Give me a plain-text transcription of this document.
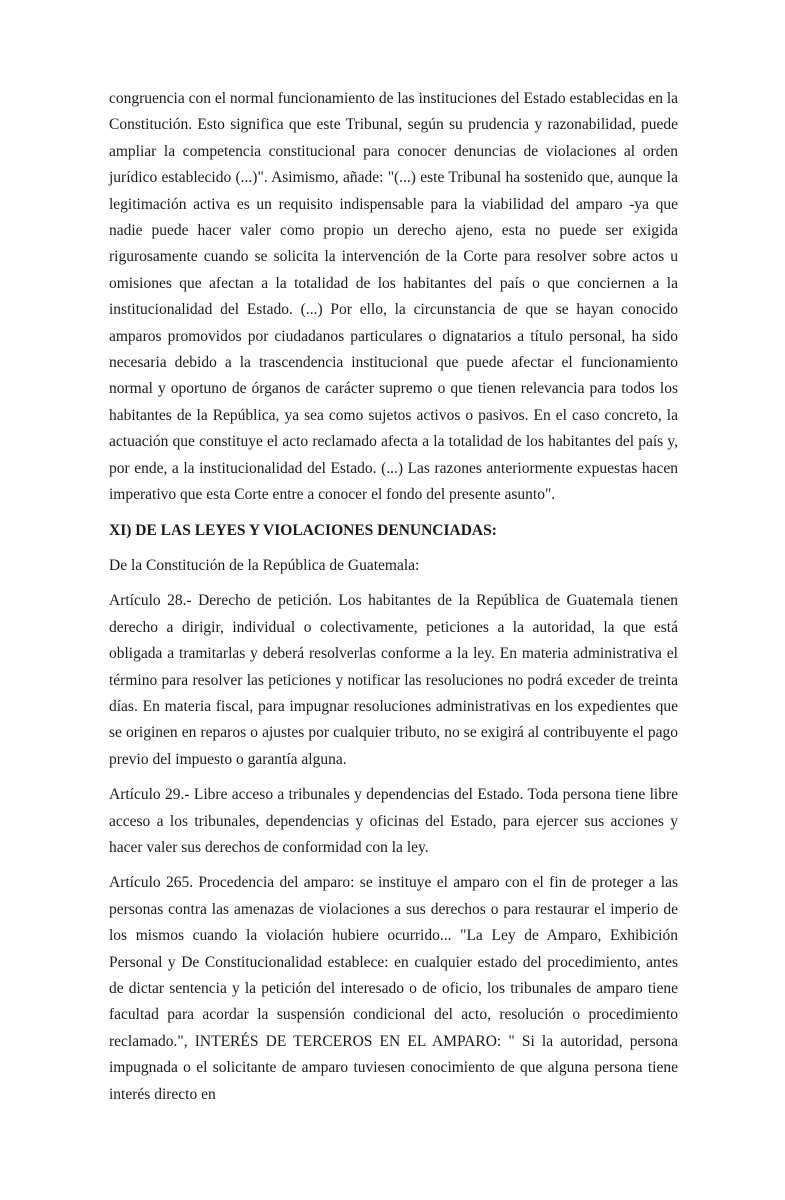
congruencia con el normal funcionamiento de las instituciones del Estado establecidas en la Constitución. Esto significa que este Tribunal, según su prudencia y razonabilidad, puede ampliar la competencia constitucional para conocer denuncias de violaciones al orden jurídico establecido (...)". Asimismo, añade: "(...) este Tribunal ha sostenido que, aunque la legitimación activa es un requisito indispensable para la viabilidad del amparo -ya que nadie puede hacer valer como propio un derecho ajeno, esta no puede ser exigida rigurosamente cuando se solicita la intervención de la Corte para resolver sobre actos u omisiones que afectan a la totalidad de los habitantes del país o que conciernen a la institucionalidad del Estado. (...) Por ello, la circunstancia de que se hayan conocido amparos promovidos por ciudadanos particulares o dignatarios a título personal, ha sido necesaria debido a la trascendencia institucional que puede afectar el funcionamiento normal y oportuno de órganos de carácter supremo o que tienen relevancia para todos los habitantes de la República, ya sea como sujetos activos o pasivos. En el caso concreto, la actuación que constituye el acto reclamado afecta a la totalidad de los habitantes del país y, por ende, a la institucionalidad del Estado. (...) Las razones anteriormente expuestas hacen imperativo que esta Corte entre a conocer el fondo del presente asunto".

XI) DE LAS LEYES Y VIOLACIONES DENUNCIADAS:

De la Constitución de la República de Guatemala:

Artículo 28.- Derecho de petición. Los habitantes de la República de Guatemala tienen derecho a dirigir, individual o colectivamente, peticiones a la autoridad, la que está obligada a tramitarlas y deberá resolverlas conforme a la ley. En materia administrativa el término para resolver las peticiones y notificar las resoluciones no podrá exceder de treinta días. En materia fiscal, para impugnar resoluciones administrativas en los expedientes que se originen en reparos o ajustes por cualquier tributo, no se exigirá al contribuyente el pago previo del impuesto o garantía alguna.

Artículo 29.- Libre acceso a tribunales y dependencias del Estado. Toda persona tiene libre acceso a los tribunales, dependencias y oficinas del Estado, para ejercer sus acciones y hacer valer sus derechos de conformidad con la ley.

Artículo 265. Procedencia del amparo: se instituye el amparo con el fin de proteger a las personas contra las amenazas de violaciones a sus derechos o para restaurar el imperio de los mismos cuando la violación hubiere ocurrido... "La Ley de Amparo, Exhibición Personal y De Constitucionalidad establece: en cualquier estado del procedimiento, antes de dictar sentencia y la petición del interesado o de oficio, los tribunales de amparo tiene facultad para acordar la suspensión condicional del acto, resolución o procedimiento reclamado.", INTERÉS DE TERCEROS EN EL AMPARO: " Si la autoridad, persona impugnada o el solicitante de amparo tuviesen conocimiento de que alguna persona tiene interés directo en
